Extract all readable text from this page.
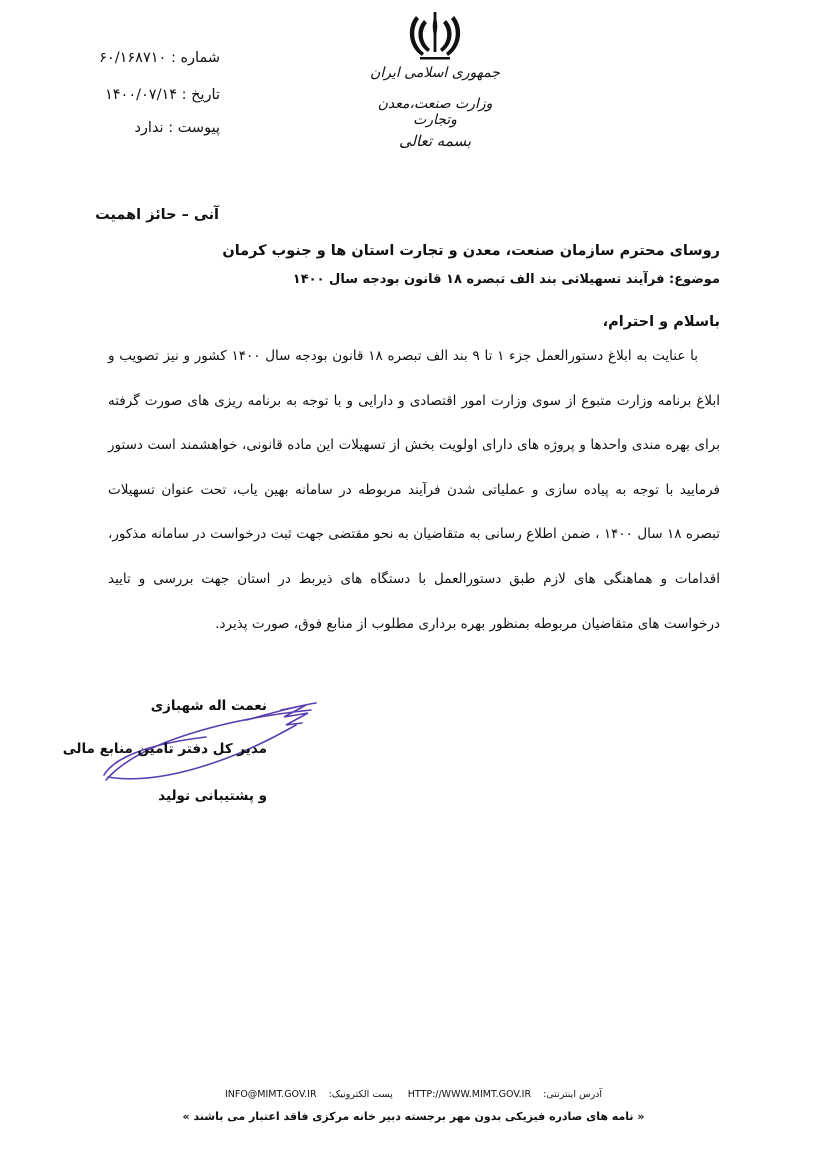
جمهوری اسلامی ایران
وزارت صنعت،معدن وتجارت
بسمه تعالی
شماره : ۶۰/۱۶۸۷۱۰
تاریخ : ۱۴۰۰/۰۷/۱۴
پیوست : ندارد
آنی – حائز اهمیت
روسای محترم سازمان صنعت، معدن و تجارت استان ها و جنوب کرمان
موضوع: فرآیند تسهیلاتی بند الف تبصره ۱۸ قانون بودجه سال ۱۴۰۰
باسلام و احترام،

با عنایت به ابلاغ دستورالعمل جزء ۱ تا ۹ بند الف تبصره ۱۸ قانون بودجه سال ۱۴۰۰ کشور و نیز تصویب و ابلاغ برنامه وزارت متبوع از سوی وزارت امور اقتصادی و دارایی و با توجه به برنامه ریزی های صورت گرفته برای بهره مندی واحدها و پروژه های دارای اولویت بخش از تسهیلات این ماده قانونی، خواهشمند است دستور فرمایید با توجه به پیاده سازی و عملیاتی شدن فرآیند مربوطه در سامانه بهین یاب، تحت عنوان تسهیلات تبصره ۱۸ سال ۱۴۰۰ ، ضمن اطلاع رسانی به متقاضیان به نحو مقتضی جهت ثبت درخواست در سامانه مذکور، اقدامات و هماهنگی های لازم طبق دستورالعمل با دستگاه های ذیربط در استان جهت بررسی و تایید درخواست های متقاضیان مربوطه بمنظور بهره برداری مطلوب از منابع فوق، صورت پذیرد.

نعمت اله شهبازی
مدیر کل دفتر تامین منابع مالی
و پشتیبانی تولید
INFO@MIMT.GOV.IR :پست الکترونیک HTTP://WWW.MIMT.GOV.IR :آدرس اینترنتی
« نامه های صادره فیزیکی بدون مهر برجسته دبیر خانه مرکزی فاقد اعتبار می باشند »
